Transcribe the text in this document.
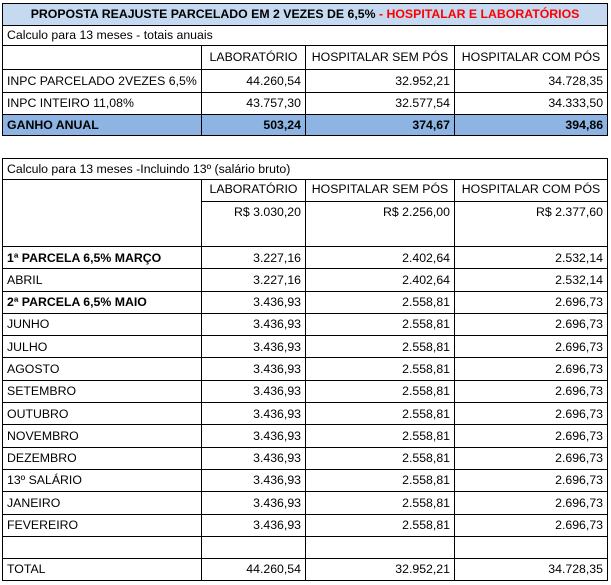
PROPOSTA REAJUSTE PARCELADO EM 2 VEZES DE 6,5% - HOSPITALAR E LABORATÓRIOS			
Calculo para 13 meses - totais anuais			
	LABORATÓRIO	HOSPITALAR SEM PÓS	HOSPITALAR COM PÓS
INPC PARCELADO 2VEZES 6,5%	44.260,54	32.952,21	34.728,35
INPC INTEIRO 11,08%	43.757,30	32.577,54	34.333,50
GANHO ANUAL	503,24	374,67	394,86
Calculo para 13 meses -Incluindo 13º (salário bruto)			
	LABORATÓRIO	HOSPITALAR SEM PÓS	HOSPITALAR COM PÓS
	R$ 3.030,20	R$ 2.256,00	R$ 2.377,60

1ª PARCELA 6,5% MARÇO	3.227,16	2.402,64	2.532,14
ABRIL	3.227,16	2.402,64	2.532,14
2ª PARCELA 6,5% MAIO	3.436,93	2.558,81	2.696,73
JUNHO	3.436,93	2.558,81	2.696,73
JULHO	3.436,93	2.558,81	2.696,73
AGOSTO	3.436,93	2.558,81	2.696,73
SETEMBRO	3.436,93	2.558,81	2.696,73
OUTUBRO	3.436,93	2.558,81	2.696,73
NOVEMBRO	3.436,93	2.558,81	2.696,73
DEZEMBRO	3.436,93	2.558,81	2.696,73
13º SALÁRIO	3.436,93	2.558,81	2.696,73
JANEIRO	3.436,93	2.558,81	2.696,73
FEVEREIRO	3.436,93	2.558,81	2.696,73

TOTAL	44.260,54	32.952,21	34.728,35
